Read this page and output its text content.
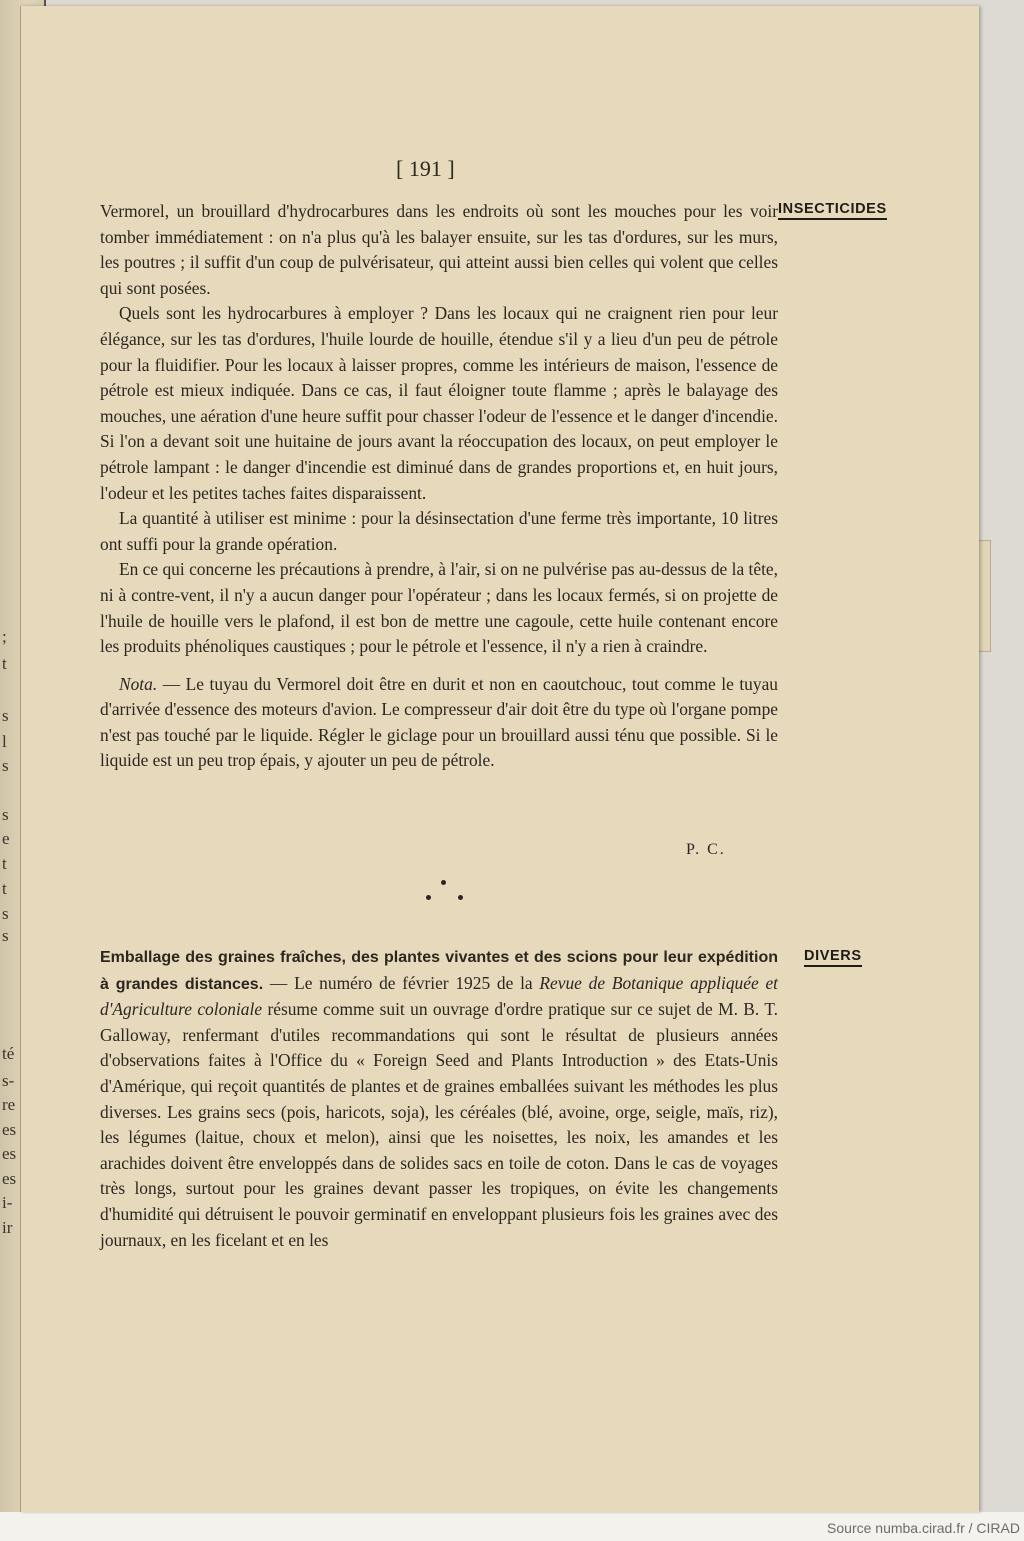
t
;
s
l
s
s
e
t
t
s
s
té
s-
re
es
es
es
i-
ir
[ 191 ]
INSECTICIDES

Vermorel, un brouillard d'hydrocarbures dans les endroits où sont les mouches pour les voir tomber immédiatement : on n'a plus qu'à les balayer ensuite, sur les tas d'ordures, sur les murs, les poutres ; il suffit d'un coup de pulvérisateur, qui atteint aussi bien celles qui volent que celles qui sont posées.

Quels sont les hydrocarbures à employer ? Dans les locaux qui ne craignent rien pour leur élégance, sur les tas d'ordures, l'huile lourde de houille, étendue s'il y a lieu d'un peu de pétrole pour la fluidifier. Pour les locaux à laisser propres, comme les intérieurs de maison, l'essence de pétrole est mieux indiquée. Dans ce cas, il faut éloigner toute flamme ; après le balayage des mouches, une aération d'une heure suffit pour chasser l'odeur de l'essence et le danger d'incendie. Si l'on a devant soit une huitaine de jours avant la réoccupation des locaux, on peut employer le pétrole lampant : le danger d'incendie est diminué dans de grandes proportions et, en huit jours, l'odeur et les petites taches faites disparaissent.

La quantité à utiliser est minime : pour la désinsectation d'une ferme très importante, 10 litres ont suffi pour la grande opération.

En ce qui concerne les précautions à prendre, à l'air, si on ne pulvérise pas au-dessus de la tête, ni à contre-vent, il n'y a aucun danger pour l'opérateur ; dans les locaux fermés, si on projette de l'huile de houille vers le plafond, il est bon de mettre une cagoule, cette huile contenant encore les produits phénoliques caustiques ; pour le pétrole et l'essence, il n'y a rien à craindre.

Nota. — Le tuyau du Vermorel doit être en durit et non en caoutchouc, tout comme le tuyau d'arrivée d'essence des moteurs d'avion. Le compresseur d'air doit être du type où l'organe pompe n'est pas touché par le liquide. Régler le giclage pour un brouillard aussi ténu que possible. Si le liquide est un peu trop épais, y ajouter un peu de pétrole.

P. C.
DIVERS

Emballage des graines fraîches, des plantes vivantes et des scions pour leur expédition à grandes distances. — Le numéro de février 1925 de la Revue de Botanique appliquée et d'Agriculture coloniale résume comme suit un ouvrage d'ordre pratique sur ce sujet de M. B. T. Galloway, renfermant d'utiles recommandations qui sont le résultat de plusieurs années d'observations faites à l'Office du « Foreign Seed and Plants Introduction » des Etats-Unis d'Amérique, qui reçoit quantités de plantes et de graines emballées suivant les méthodes les plus diverses. Les grains secs (pois, haricots, soja), les céréales (blé, avoine, orge, seigle, maïs, riz), les légumes (laitue, choux et melon), ainsi que les noisettes, les noix, les amandes et les arachides doivent être enveloppés dans de solides sacs en toile de coton. Dans le cas de voyages très longs, surtout pour les graines devant passer les tropiques, on évite les changements d'humidité qui détruisent le pouvoir germinatif en enveloppant plusieurs fois les graines avec des journaux, en les ficelant et en les

Source numba.cirad.fr / CIRAD
